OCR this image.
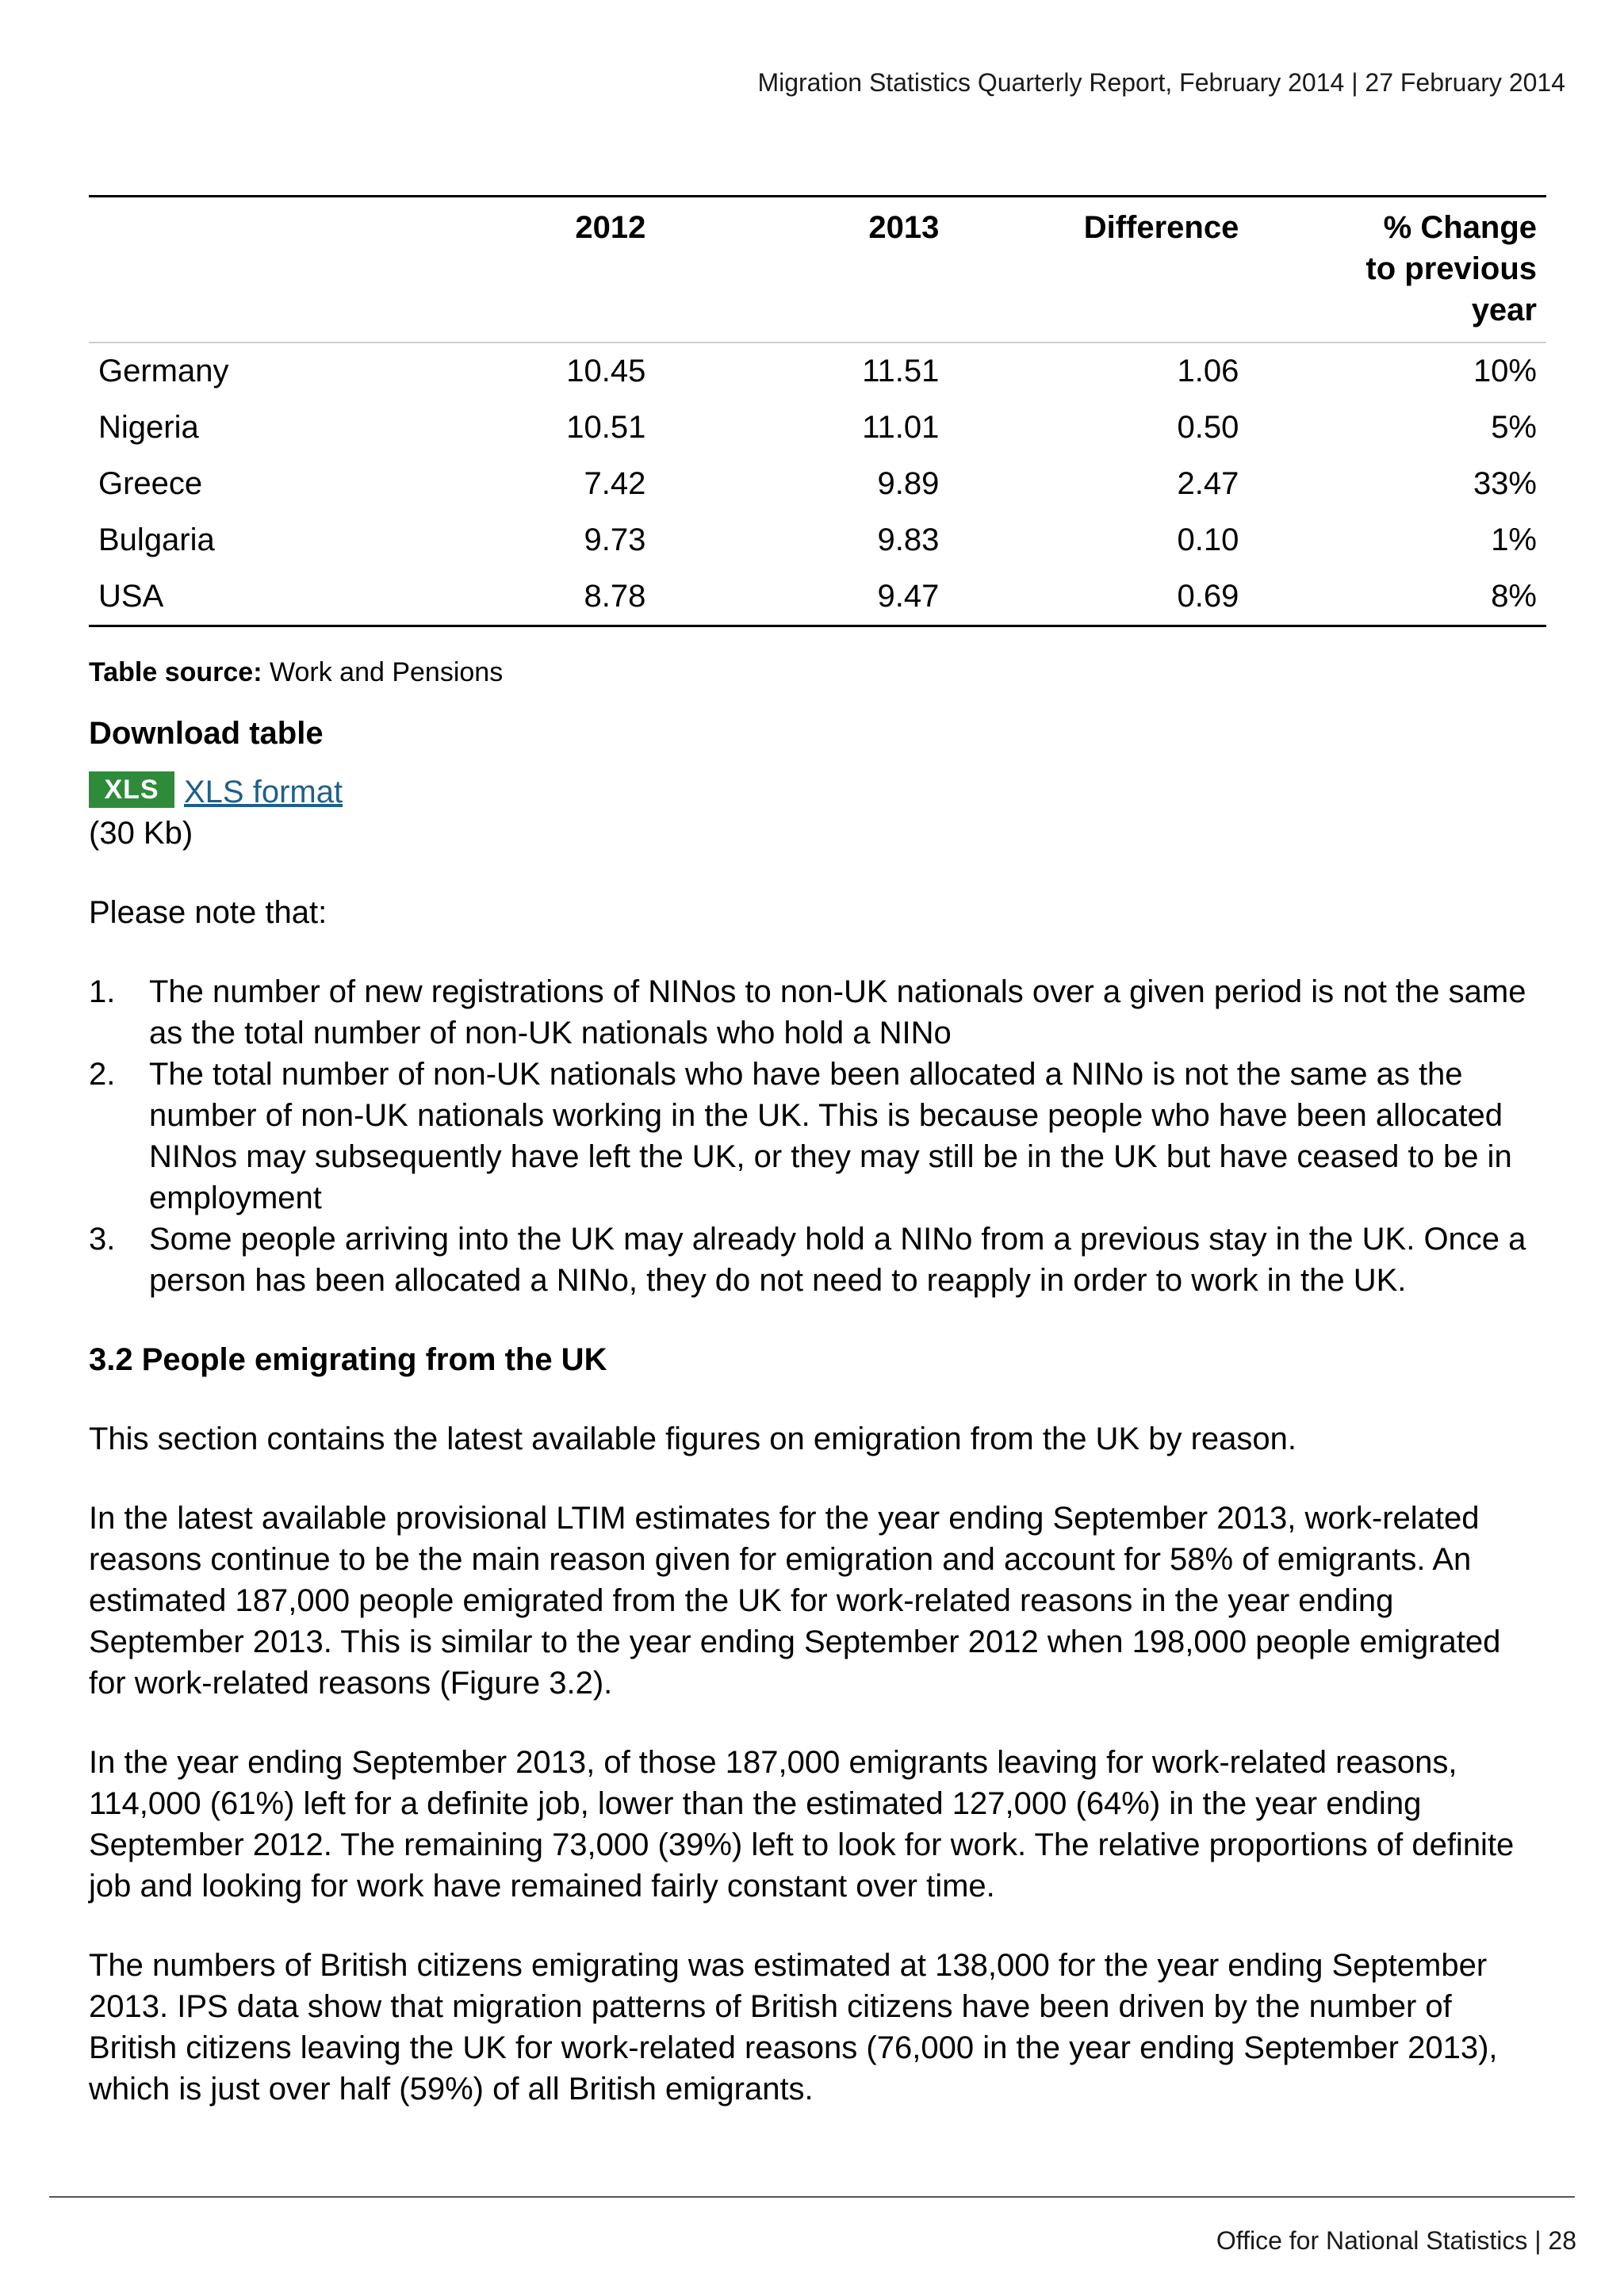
Migration Statistics Quarterly Report, February 2014 | 27 February 2014
	2012	2013	Difference	% Change to previous year
Germany	10.45	11.51	1.06	10%
Nigeria	10.51	11.01	0.50	5%
Greece	7.42	9.89	2.47	33%
Bulgaria	9.73	9.83	0.10	1%
USA	8.78	9.47	0.69	8%
Table source: Work and Pensions
Download table
XLS XLS format
(30 Kb)

Please note that:

1. The number of new registrations of NINos to non-UK nationals over a given period is not the same as the total number of non-UK nationals who hold a NINo
2. The total number of non-UK nationals who have been allocated a NINo is not the same as the number of non-UK nationals working in the UK. This is because people who have been allocated NINos may subsequently have left the UK, or they may still be in the UK but have ceased to be in employment
3. Some people arriving into the UK may already hold a NINo from a previous stay in the UK. Once a person has been allocated a NINo, they do not need to reapply in order to work in the UK.
3.2 People emigrating from the UK

This section contains the latest available figures on emigration from the UK by reason.

In the latest available provisional LTIM estimates for the year ending September 2013, work-related reasons continue to be the main reason given for emigration and account for 58% of emigrants. An estimated 187,000 people emigrated from the UK for work-related reasons in the year ending September 2013. This is similar to the year ending September 2012 when 198,000 people emigrated for work-related reasons (Figure 3.2).

In the year ending September 2013, of those 187,000 emigrants leaving for work-related reasons, 114,000 (61%) left for a definite job, lower than the estimated 127,000 (64%) in the year ending September 2012. The remaining 73,000 (39%) left to look for work. The relative proportions of definite job and looking for work have remained fairly constant over time.

The numbers of British citizens emigrating was estimated at 138,000 for the year ending September 2013. IPS data show that migration patterns of British citizens have been driven by the number of British citizens leaving the UK for work-related reasons (76,000 in the year ending September 2013), which is just over half (59%) of all British emigrants.

Office for National Statistics | 28
